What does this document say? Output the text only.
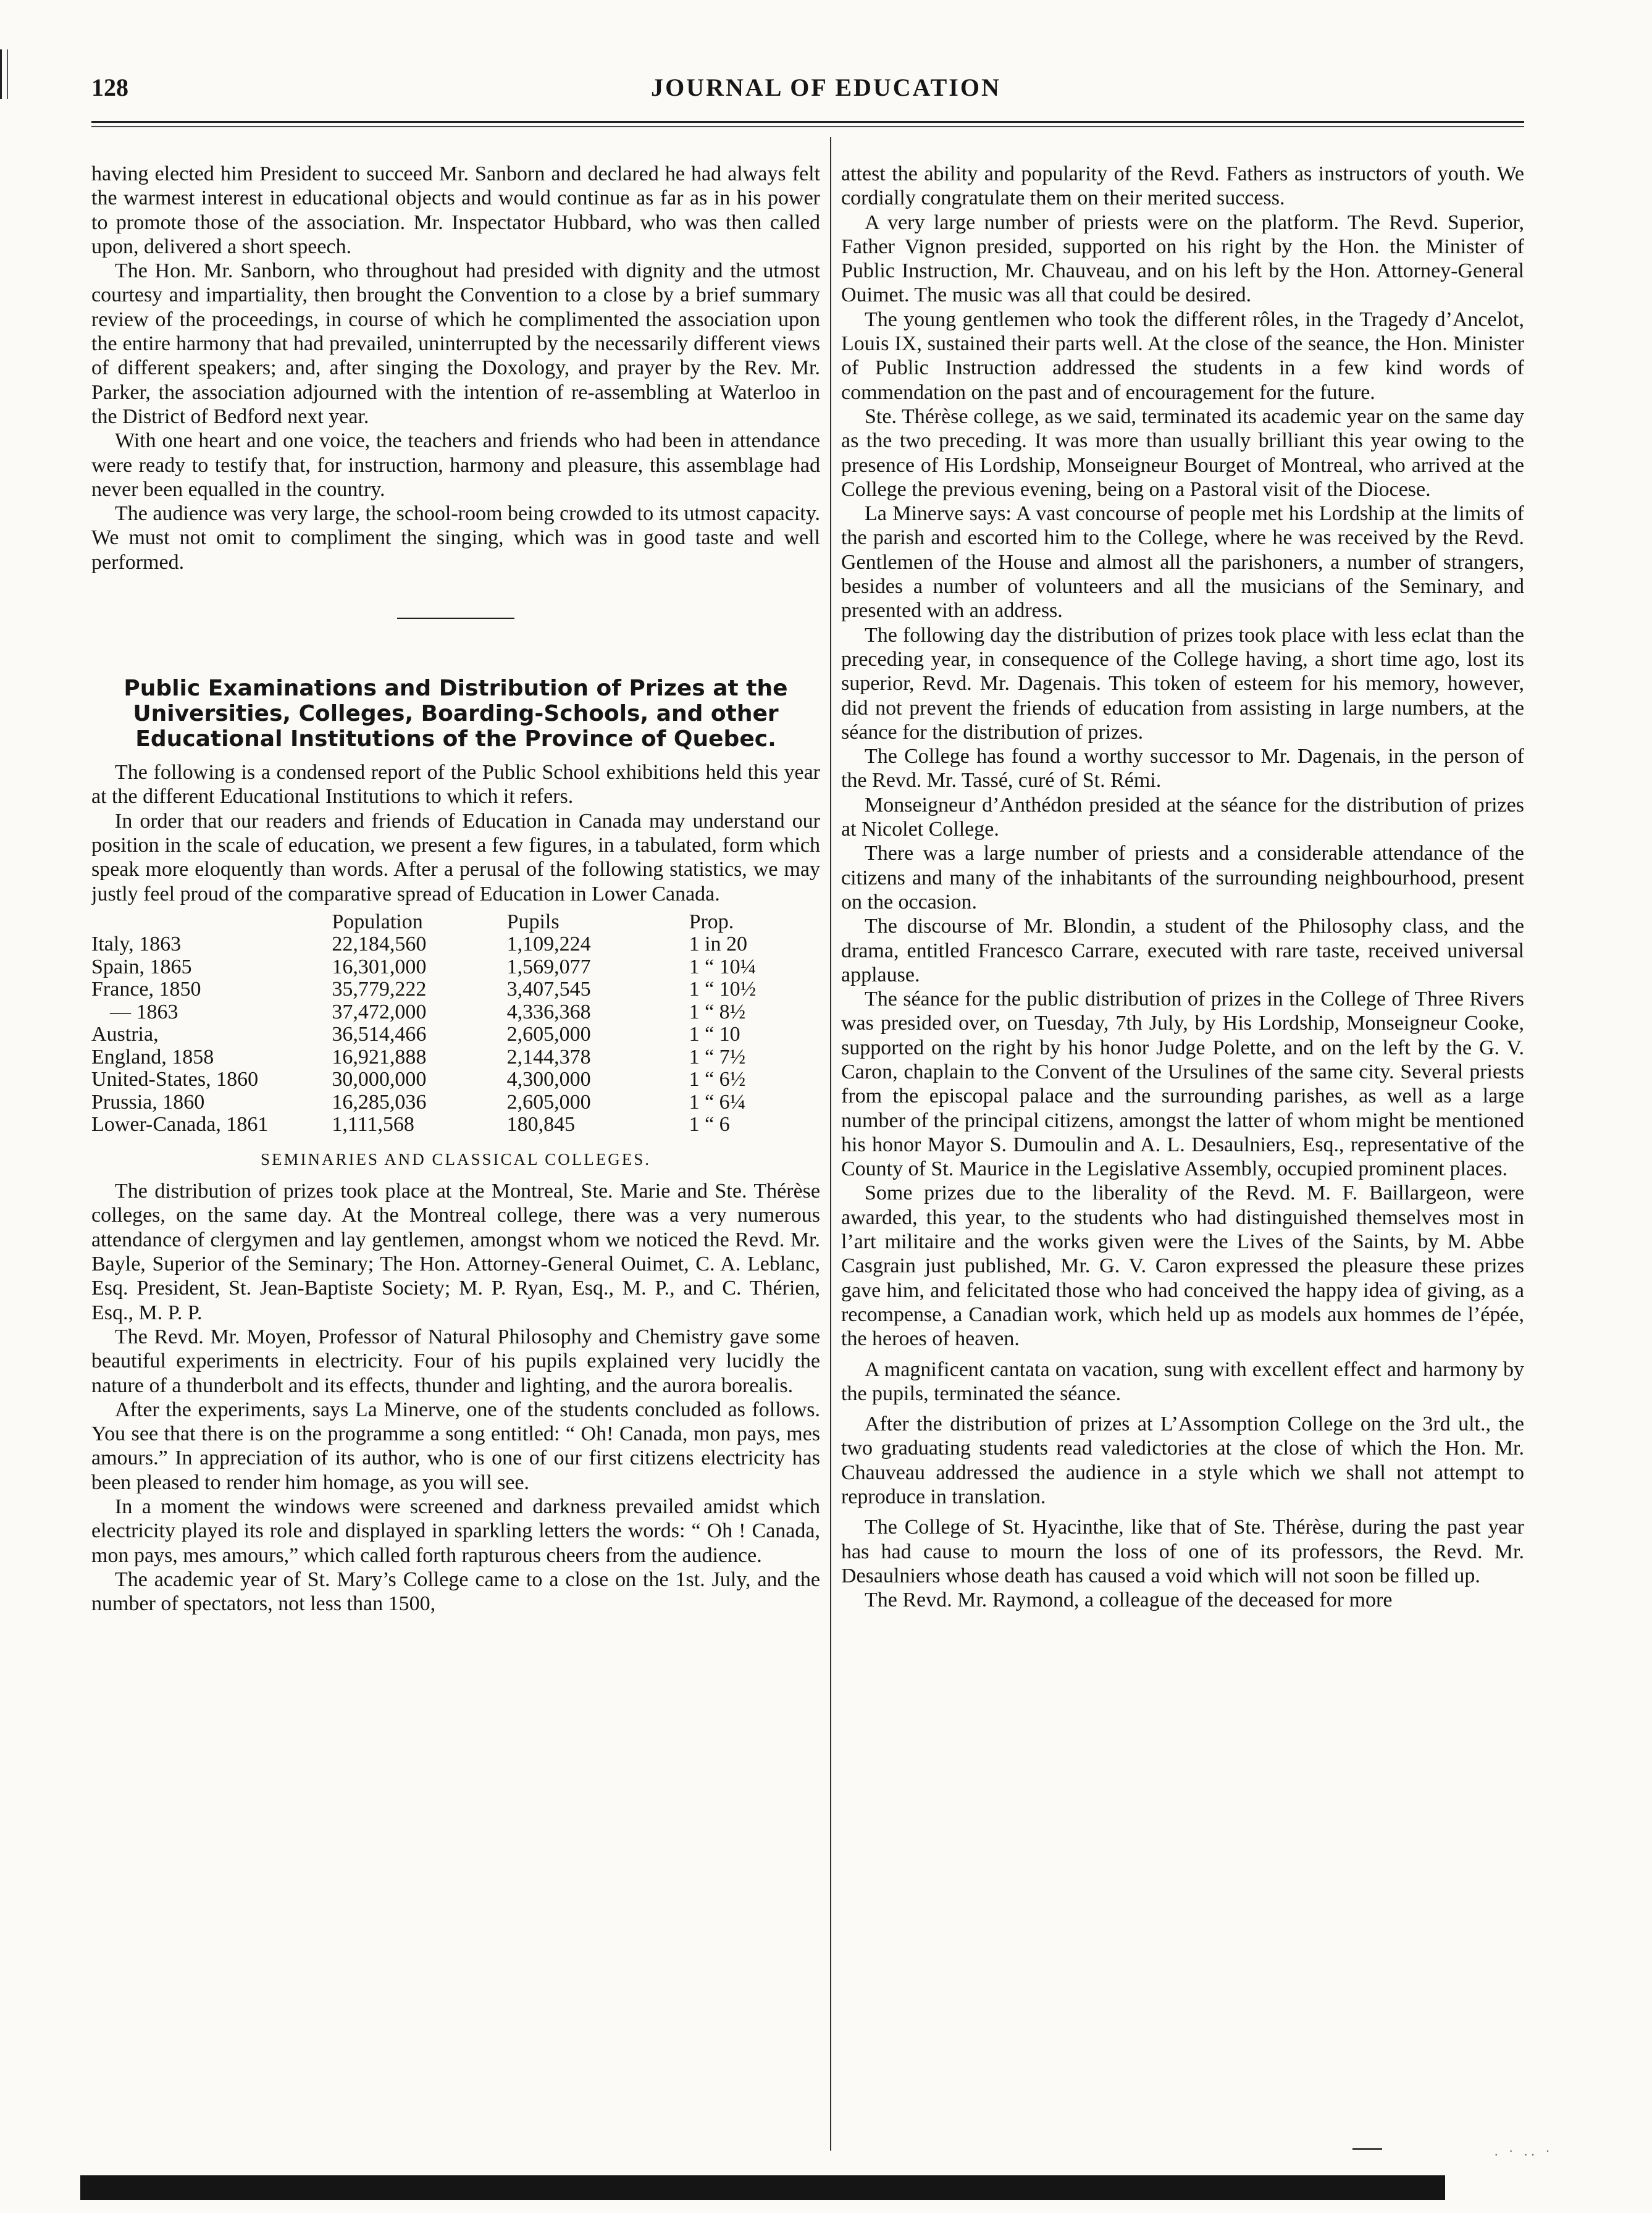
128	JOURNAL OF EDUCATION

having elected him President to succeed Mr. Sanborn and declared he had always felt the warmest interest in educational objects and would continue as far as in his power to promote those of the association. Mr. Inspectator Hubbard, who was then called upon, delivered a short speech.

The Hon. Mr. Sanborn, who throughout had presided with dignity and the utmost courtesy and impartiality, then brought the Convention to a close by a brief summary review of the proceedings, in course of which he complimented the association upon the entire harmony that had prevailed, uninterrupted by the necessarily different views of different speakers; and, after singing the Doxology, and prayer by the Rev. Mr. Parker, the association adjourned with the intention of re-assembling at Waterloo in the District of Bedford next year.

With one heart and one voice, the teachers and friends who had been in attendance were ready to testify that, for instruction, harmony and pleasure, this assemblage had never been equalled in the country.

The audience was very large, the school-room being crowded to its utmost capacity. We must not omit to compliment the singing, which was in good taste and well performed.

Public Examinations and Distribution of Prizes at the Universities, Colleges, Boarding-Schools, and other Educational Institutions of the Province of Quebec.

The following is a condensed report of the Public School exhibitions held this year at the different Educational Institutions to which it refers.

In order that our readers and friends of Education in Canada may understand our position in the scale of education, we present a few figures, in a tabulated, form which speak more eloquently than words. After a perusal of the following statistics, we may justly feel proud of the comparative spread of Education in Lower Canada.

	Population	Pupils	Prop.
Italy, 1863	22,184,560	1,109,224	1 in 20
Spain, 1865	16,301,000	1,569,077	1 “ 10¼
France, 1850	35,779,222	3,407,545	1 “ 10½
— 1863	37,472,000	4,336,368	1 “ 8½
Austria,	36,514,466	2,605,000	1 “ 10
England, 1858	16,921,888	2,144,378	1 “ 7½
United-States, 1860	30,000,000	4,300,000	1 “ 6½
Prussia, 1860	16,285,036	2,605,000	1 “ 6¼
Lower-Canada, 1861	1,111,568	180,845	1 “ 6
SEMINARIES AND CLASSICAL COLLEGES.

The distribution of prizes took place at the Montreal, Ste. Marie and Ste. Thérèse colleges, on the same day. At the Montreal college, there was a very numerous attendance of clergymen and lay gentlemen, amongst whom we noticed the Revd. Mr. Bayle, Superior of the Seminary; The Hon. Attorney-General Ouimet, C. A. Leblanc, Esq. President, St. Jean-Baptiste Society; M. P. Ryan, Esq., M. P., and C. Thérien, Esq., M. P. P.

The Revd. Mr. Moyen, Professor of Natural Philosophy and Chemistry gave some beautiful experiments in electricity. Four of his pupils explained very lucidly the nature of a thunderbolt and its effects, thunder and lighting, and the aurora borealis.

After the experiments, says La Minerve, one of the students concluded as follows. You see that there is on the programme a song entitled: “ Oh! Canada, mon pays, mes amours.” In appreciation of its author, who is one of our first citizens electricity has been pleased to render him homage, as you will see.

In a moment the windows were screened and darkness prevailed amidst which electricity played its role and displayed in sparkling letters the words: “ Oh ! Canada, mon pays, mes amours,” which called forth rapturous cheers from the audience.

The academic year of St. Mary’s College came to a close on the 1st. July, and the number of spectators, not less than 1500,

attest the ability and popularity of the Revd. Fathers as instructors of youth. We cordially congratulate them on their merited success.

A very large number of priests were on the platform. The Revd. Superior, Father Vignon presided, supported on his right by the Hon. the Minister of Public Instruction, Mr. Chauveau, and on his left by the Hon. Attorney-General Ouimet. The music was all that could be desired.

The young gentlemen who took the different rôles, in the Tragedy d’Ancelot, Louis IX, sustained their parts well. At the close of the seance, the Hon. Minister of Public Instruction addressed the students in a few kind words of commendation on the past and of encouragement for the future.

Ste. Thérèse college, as we said, terminated its academic year on the same day as the two preceding. It was more than usually brilliant this year owing to the presence of His Lordship, Monseigneur Bourget of Montreal, who arrived at the College the previous evening, being on a Pastoral visit of the Diocese.

La Minerve says: A vast concourse of people met his Lordship at the limits of the parish and escorted him to the College, where he was received by the Revd. Gentlemen of the House and almost all the parishoners, a number of strangers, besides a number of volunteers and all the musicians of the Seminary, and presented with an address.

The following day the distribution of prizes took place with less eclat than the preceding year, in consequence of the College having, a short time ago, lost its superior, Revd. Mr. Dagenais. This token of esteem for his memory, however, did not prevent the friends of education from assisting in large numbers, at the séance for the distribution of prizes.

The College has found a worthy successor to Mr. Dagenais, in the person of the Revd. Mr. Tassé, curé of St. Rémi.

Monseigneur d’Anthédon presided at the séance for the distribution of prizes at Nicolet College.

There was a large number of priests and a considerable attendance of the citizens and many of the inhabitants of the surrounding neighbourhood, present on the occasion.

The discourse of Mr. Blondin, a student of the Philosophy class, and the drama, entitled Francesco Carrare, executed with rare taste, received universal applause.

The séance for the public distribution of prizes in the College of Three Rivers was presided over, on Tuesday, 7th July, by His Lordship, Monseigneur Cooke, supported on the right by his honor Judge Polette, and on the left by the G. V. Caron, chaplain to the Convent of the Ursulines of the same city. Several priests from the episcopal palace and the surrounding parishes, as well as a large number of the principal citizens, amongst the latter of whom might be mentioned his honor Mayor S. Dumoulin and A. L. Desaulniers, Esq., representative of the County of St. Maurice in the Legislative Assembly, occupied prominent places.

Some prizes due to the liberality of the Revd. M. F. Baillargeon, were awarded, this year, to the students who had distinguished themselves most in l’art militaire and the works given were the Lives of the Saints, by M. Abbe Casgrain just published, Mr. G. V. Caron expressed the pleasure these prizes gave him, and felicitated those who had conceived the happy idea of giving, as a recompense, a Canadian work, which held up as models aux hommes de l’épée, the heroes of heaven.

A magnificent cantata on vacation, sung with excellent effect and harmony by the pupils, terminated the séance.

After the distribution of prizes at L’Assomption College on the 3rd ult., the two graduating students read valedictories at the close of which the Hon. Mr. Chauveau addressed the audience in a style which we shall not attempt to reproduce in translation.

The College of St. Hyacinthe, like that of Ste. Thérèse, during the past year has had cause to mourn the loss of one of its professors, the Revd. Mr. Desaulniers whose death has caused a void which will not soon be filled up.

The Revd. Mr. Raymond, a colleague of the deceased for more

. · .. ·
